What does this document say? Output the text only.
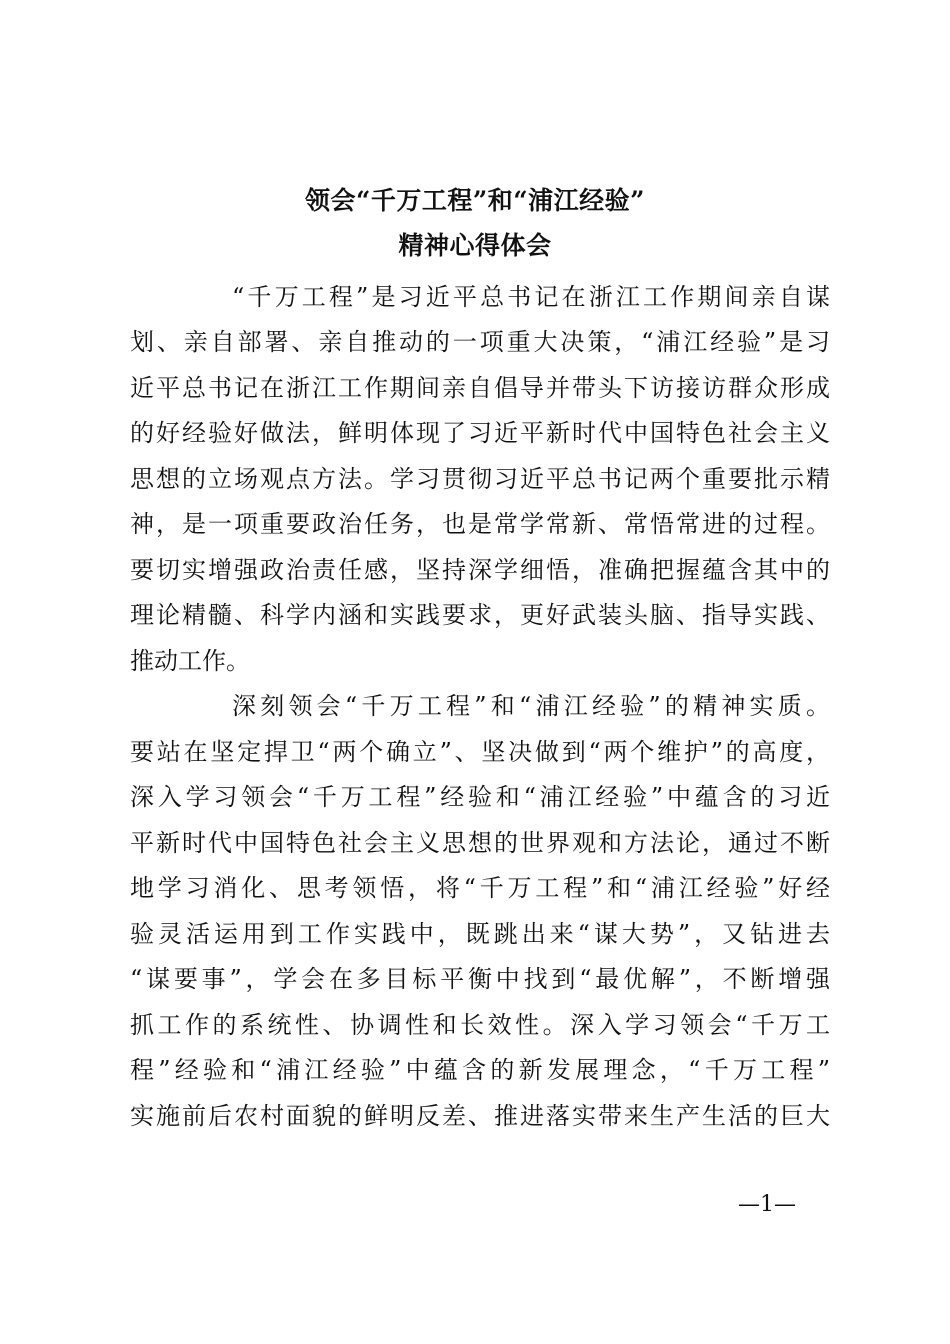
领会“千万工程”和“浦江经验”
精神心得体会
“千万工程”是习近平总书记在浙江工作期间亲自谋
划、亲自部署、亲自推动的一项重大决策，“浦江经验”是习
近平总书记在浙江工作期间亲自倡导并带头下访接访群众形成
的好经验好做法，鲜明体现了习近平新时代中国特色社会主义
思想的立场观点方法。学习贯彻习近平总书记两个重要批示精
神，是一项重要政治任务，也是常学常新、常悟常进的过程。
要切实增强政治责任感，坚持深学细悟，准确把握蕴含其中的
理论精髓、科学内涵和实践要求，更好武装头脑、指导实践、
推动工作。
深刻领会“千万工程”和“浦江经验”的精神实质。
要站在坚定捍卫“两个确立”、坚决做到“两个维护”的高度，
深入学习领会“千万工程”经验和“浦江经验”中蕴含的习近
平新时代中国特色社会主义思想的世界观和方法论，通过不断
地学习消化、思考领悟，将“千万工程”和“浦江经验”好经
验灵活运用到工作实践中，既跳出来“谋大势”，又钻进去
“谋要事”，学会在多目标平衡中找到“最优解”，不断增强
抓工作的系统性、协调性和长效性。深入学习领会“千万工
程”经验和“浦江经验”中蕴含的新发展理念，“千万工程”
实施前后农村面貌的鲜明反差、推进落实带来生产生活的巨大
—1—
